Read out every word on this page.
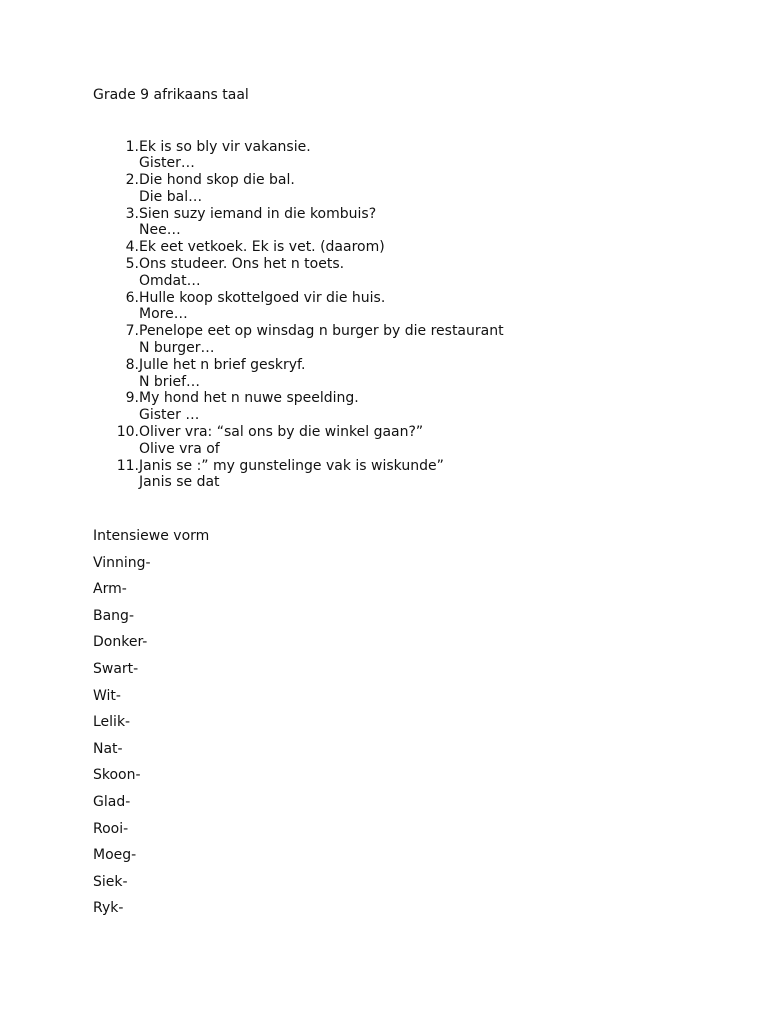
Grade 9 afrikaans taal
1. Ek is so bly vir vakansie.
Gister…
2. Die hond skop die bal.
Die bal…
3. Sien suzy iemand in die kombuis?
Nee…
4. Ek eet vetkoek. Ek is vet. (daarom)
5. Ons studeer. Ons het n toets.
Omdat…
6. Hulle koop skottelgoed vir die huis.
More…
7. Penelope eet op winsdag n burger by die restaurant
N burger…
8. Julle het n brief geskryf.
N brief…
9. My hond het n nuwe speelding.
Gister …
10. Oliver vra: “sal ons by die winkel gaan?”
Olive vra of
11. Janis se :” my gunstelinge vak is wiskunde”
Janis se dat
Intensiewe vorm
Vinning-
Arm-
Bang-
Donker-
Swart-
Wit-
Lelik-
Nat-
Skoon-
Glad-
Rooi-
Moeg-
Siek-
Ryk-
